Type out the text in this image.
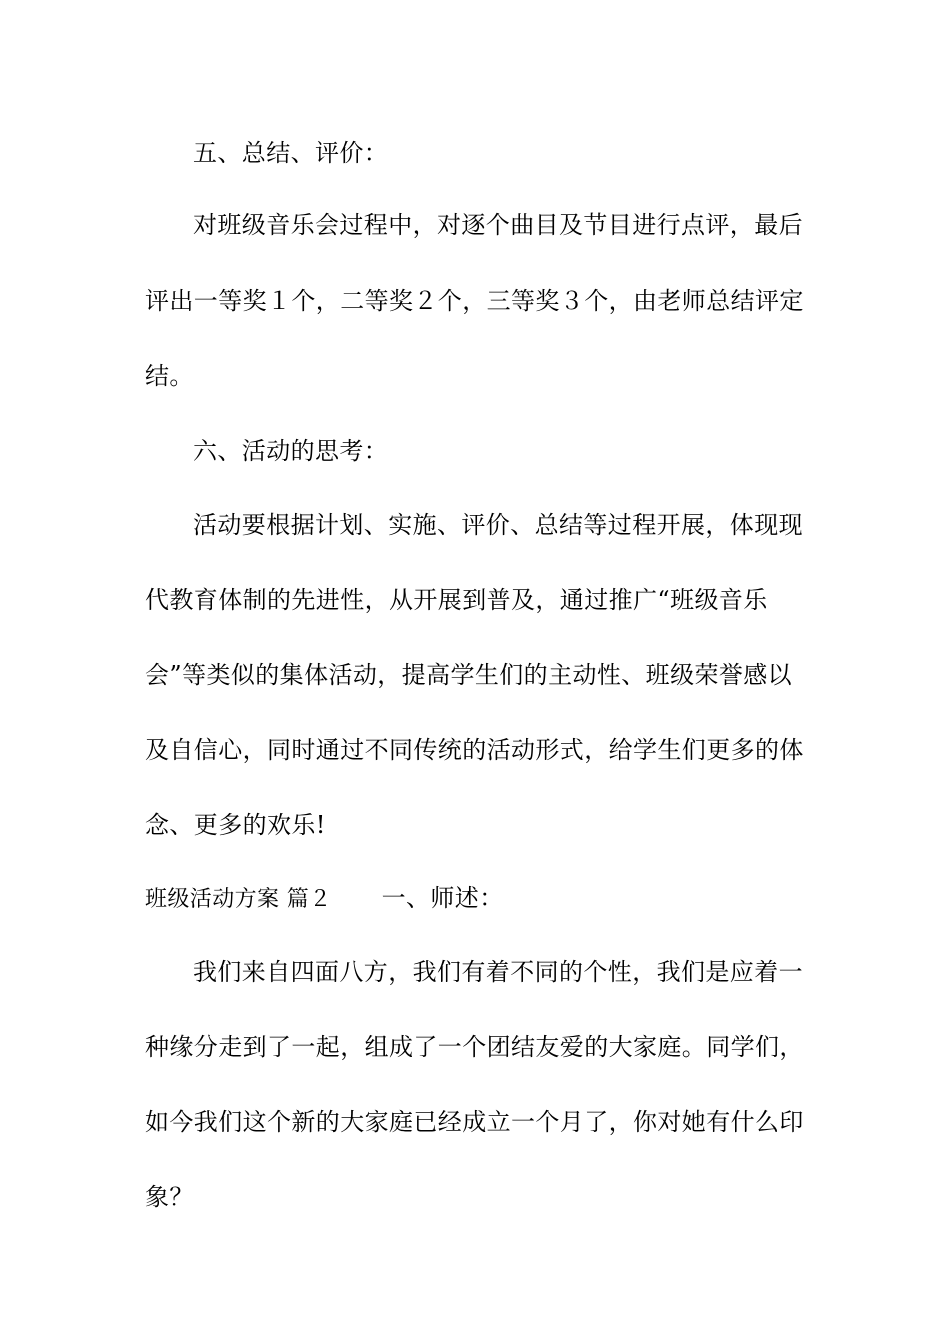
五、总结、评价：
对班级音乐会过程中，对逐个曲目及节目进行点评，最后
评出一等奖１个，二等奖２个，三等奖３个，由老师总结评定
结。
六、活动的思考：
活动要根据计划、实施、评价、总结等过程开展，体现现
代教育体制的先进性，从开展到普及，通过推广“班级音乐
会”等类似的集体活动，提高学生们的主动性、班级荣誉感以
及自信心，同时通过不同传统的活动形式，给学生们更多的体
念、更多的欢乐!
班级活动方案 篇２ 一、师述：
我们来自四面八方，我们有着不同的个性，我们是应着一
种缘分走到了一起，组成了一个团结友爱的大家庭。同学们，
如今我们这个新的大家庭已经成立一个月了，你对她有什么印
象？
